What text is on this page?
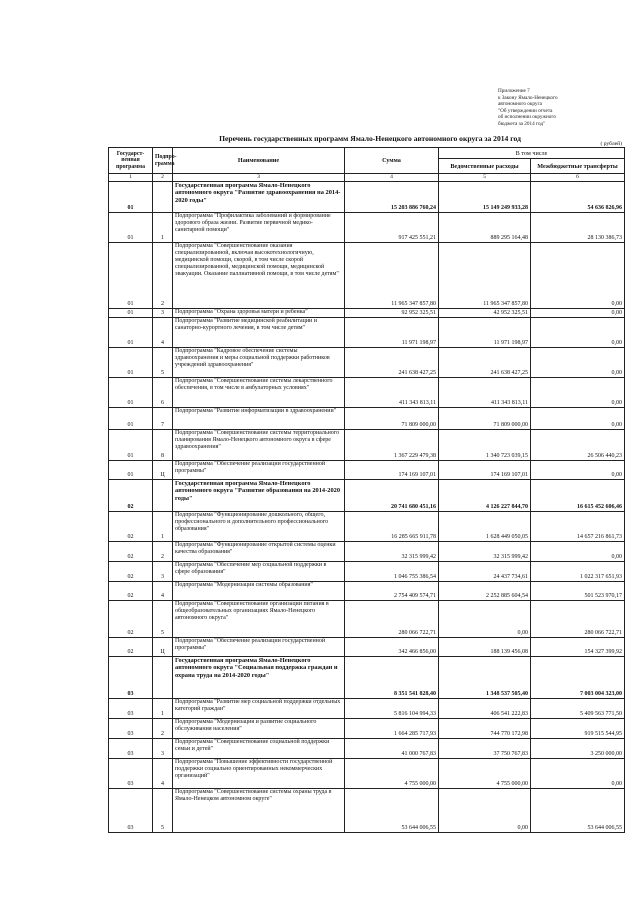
Приложение 7
к Закону Ямало-Ненецкого
автономного округа
"Об утверждении отчета
об исполнении окружного
бюджета за 2014 год"
Перечень государственных программ Ямало-Ненецкого автономного округа за 2014 год
Государст-венная программа	Подпро-грамма	Наименование	Сумма	В том числе
( рублей)	

				Ведомственные расходы	Межбюджетные трансферты
1	2	3	4	5	6
01		Государственная программа Ямало-Ненецкого автономного округа "Развитие здравоохранения на 2014-2020 годы"	15 203 886 760,24	15 149 249 933,28	54 636 826,96
01	1	Подпрограмма "Профилактика заболеваний и формирование здорового образа жизни. Развитие первичной медико-санитарной помощи"	917 425 551,21	889 295 164,48	28 130 386,73
01	2	Подпрограмма "Совершенствование оказания специализированной, включая высокотехнологичную, медицинской помощи, скорой, в том числе скорой специализированной, медицинской помощи, медицинской эвакуации. Оказание паллиативной помощи, в том числе детям"	11 965 347 857,80	11 965 347 857,80	0,00
01	3	Подпрограмма "Охрана здоровья матери и ребенка"	92 952 325,51	42 952 325,51	0,00
01	4	Подпрограмма "Развитие медицинской реабилитации и санаторно-курортного лечения, в том числе детям"	11 971 198,97	11 971 198,97	0,00
01	5	Подпрограмма "Кадровое обеспечение системы здравоохранения и меры социальной поддержки работников учреждений здравоохранения"	241 638 427,25	241 638 427,25	0,00
01	6	Подпрограмма "Совершенствование системы лекарственного обеспечения, в том числе в амбулаторных условиях"	411 343 813,11	411 343 813,11	0,00
01	7	Подпрограмма "Развитие информатизации в здравоохранении"	71 809 000,00	71 809 000,00	0,00
01	8	Подпрограмма "Совершенствование системы территориального планирования Ямало-Ненецкого автономного округа в сфере здравоохранения"	1 367 229 479,38	1 340 723 039,15	26 506 440,23
01	Ц	Подпрограмма "Обеспечение реализации государственной программы"	174 169 107,01	174 169 107,01	0,00
02		Государственная программа Ямало-Ненецкого автономного округа "Развитие образования на 2014-2020 годы"	20 741 680 451,16	4 126 227 844,70	16 615 452 606,46
02	1	Подпрограмма "Функционирование дошкольного, общего, профессионального и дополнительного профессионального образования"	16 285 665 911,78	1 628 449 050,05	14 657 216 861,73
02	2	Подпрограмма "Функционирование открытой системы оценки качества образования"	32 315 999,42	32 315 999,42	0,00
02	3	Подпрограмма "Обеспечение мер социальной поддержки в сфере образования"	1 046 755 386,54	24 437 734,61	1 022 317 651,93
02	4	Подпрограмма "Модернизация системы образования"	2 754 409 574,71	2 252 885 604,54	501 523 970,17
02	5	Подпрограмма "Совершенствование организации питания в общеобразовательных организациях Ямало-Ненецкого автономного округа"	280 066 722,71	0,00	280 066 722,71
02	Ц	Подпрограмма "Обеспечение реализации государственной программы"	342 466 856,00	188 139 456,08	154 327 399,92
03		Государственная программа Ямало-Ненецкого автономного округа "Социальная поддержка граждан и охрана труда на 2014-2020 годы"	8 351 541 828,40	1 348 537 505,40	7 003 004 323,00
03	1	Подпрограмма "Развитие мер социальной поддержки отдельных категорий граждан"	5 816 104 994,33	406 541 222,83	5 409 563 771,50
03	2	Подпрограмма "Модернизация и развитие социального обслуживания населения"	1 664 285 717,93	744 770 172,98	919 515 544,95
03	3	Подпрограмма "Совершенствование социальной поддержки семьи и детей"	41 000 767,83	37 750 767,83	3 250 000,00
03	4	Подпрограмма "Повышение эффективности государственной поддержки социально ориентированных некоммерческих организаций"	4 755 000,00	4 755 000,00	0,00
03	5	Подпрограмма "Совершенствование системы охраны труда в Ямало-Ненецком автономном округе"	53 644 006,55	0,00	53 644 006,55
